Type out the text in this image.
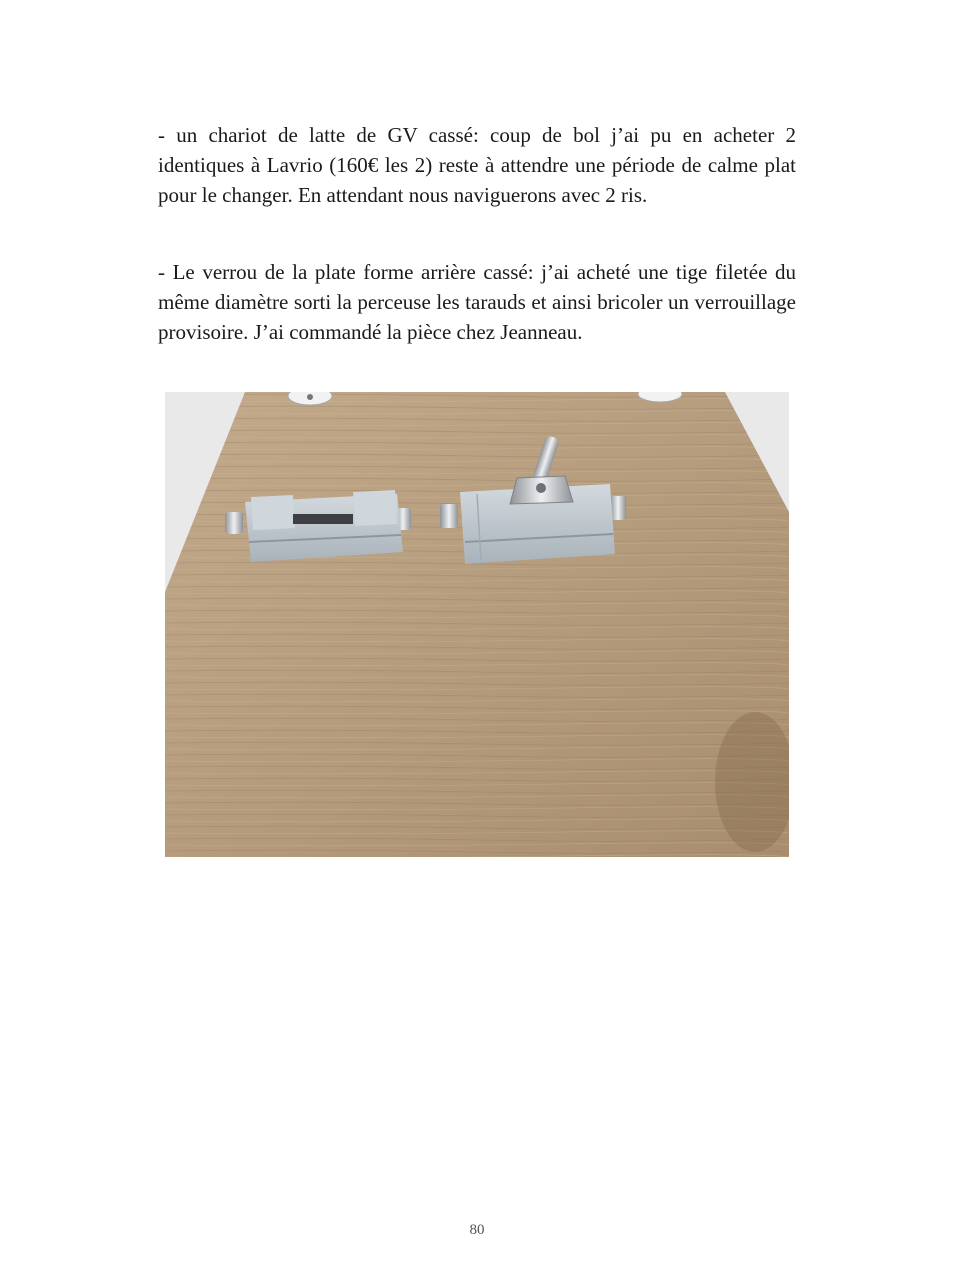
- un chariot de latte de GV cassé: coup de bol j’ai pu en acheter 2 identiques à Lavrio (160€ les 2) reste à attendre une période de calme plat pour le changer. En attendant nous naviguerons avec 2 ris.

- Le verrou de la plate forme arrière cassé: j’ai acheté une tige filetée du même diamètre sorti la perceuse les tarauds et ainsi bricoler un verrouillage provisoire. J’ai commandé la pièce chez Jeanneau.

80
